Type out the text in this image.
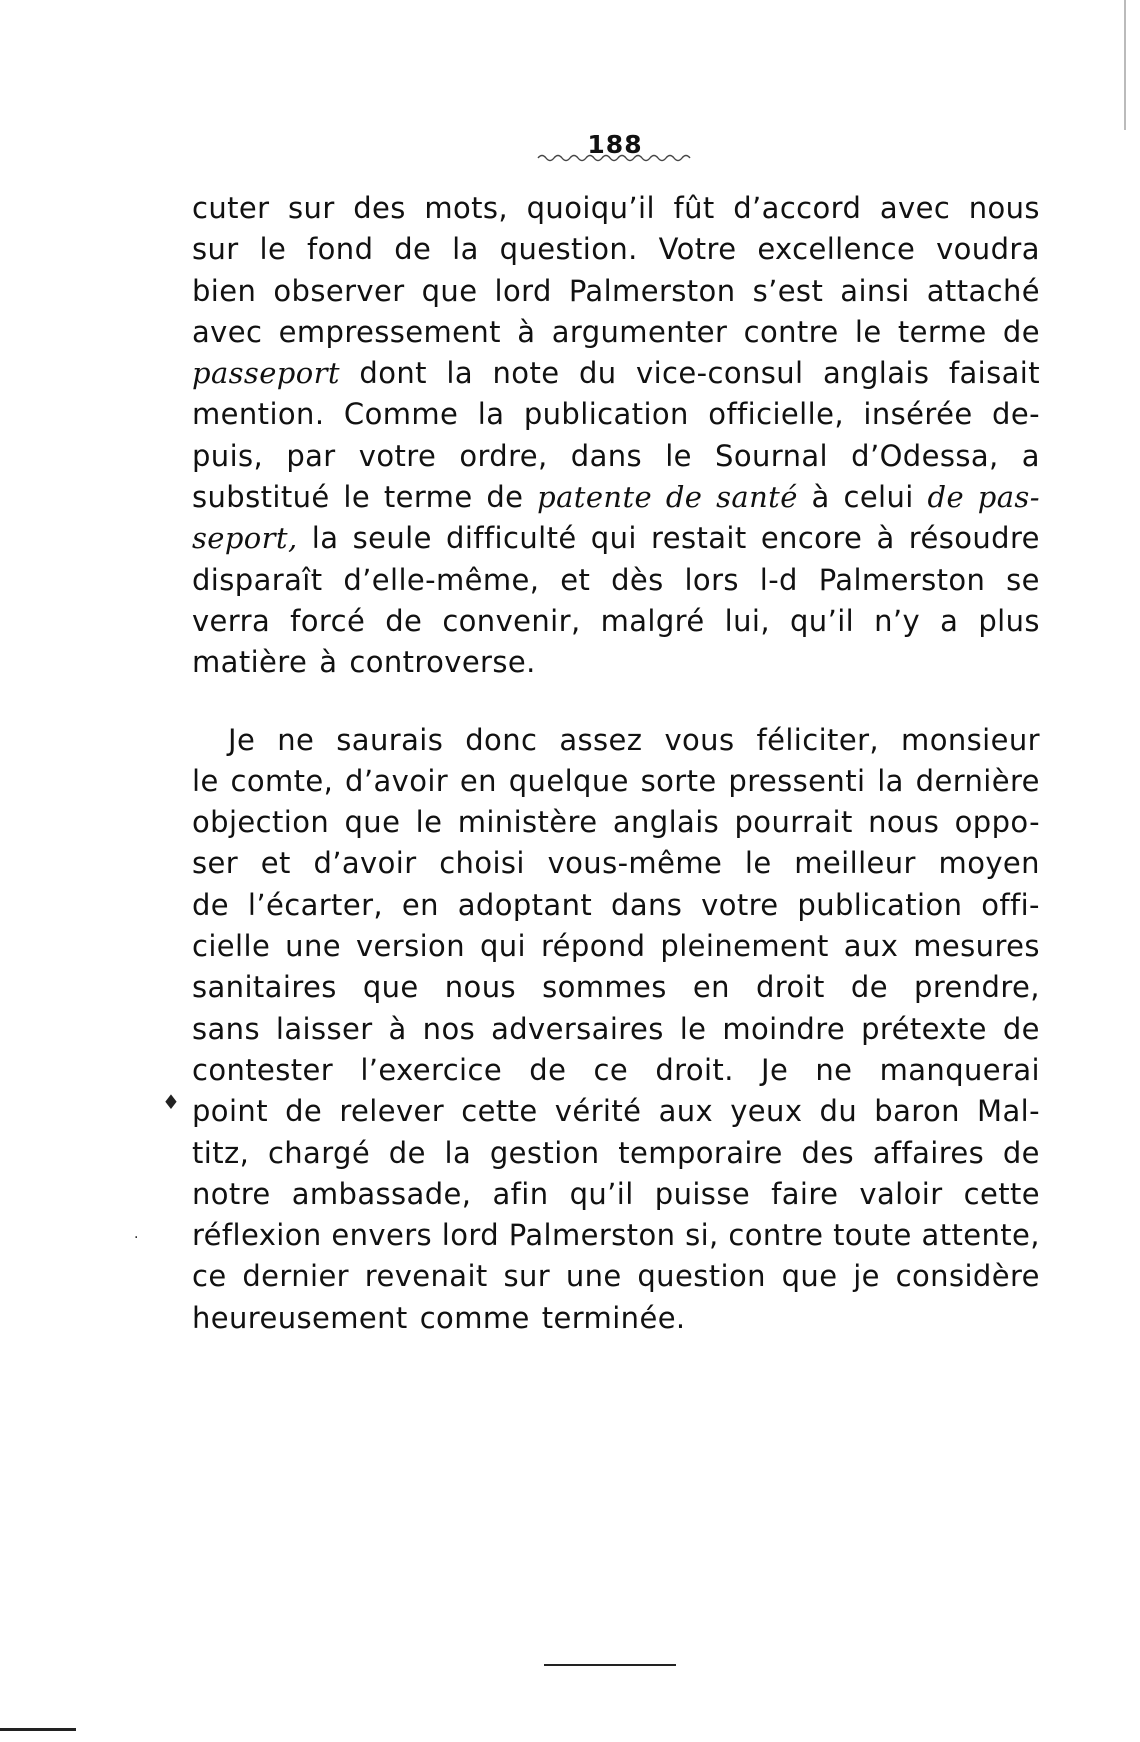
188
cuter sur des mots, quoiqu’il fût d’accord avec nous
sur le fond de la question. Votre excellence voudra
bien observer que lord Palmerston s’est ainsi attaché
avec empressement à argumenter contre le terme de
passeport dont la note du vice-consul anglais faisait
mention. Comme la publication officielle, insérée de-
puis, par votre ordre, dans le Sournal d’Odessa, a
substitué le terme de patente de santé à celui de pas-
seport, la seule difficulté qui restait encore à résoudre
disparaît d’elle-même, et dès lors l-d Palmerston se
verra forcé de convenir, malgré lui, qu’il n’y a plus
matière à controverse.
Je ne saurais donc assez vous féliciter, monsieur
le comte, d’avoir en quelque sorte pressenti la dernière
objection que le ministère anglais pourrait nous oppo-
ser et d’avoir choisi vous-même le meilleur moyen
de l’écarter, en adoptant dans votre publication offi-
cielle une version qui répond pleinement aux mesures
sanitaires que nous sommes en droit de prendre,
sans laisser à nos adversaires le moindre prétexte de
contester l’exercice de ce droit. Je ne manquerai
point de relever cette vérité aux yeux du baron Mal-
titz, chargé de la gestion temporaire des affaires de
notre ambassade, afin qu’il puisse faire valoir cette
réflexion envers lord Palmerston si, contre toute attente,
ce dernier revenait sur une question que je considère
heureusement comme terminée.
♦
.
